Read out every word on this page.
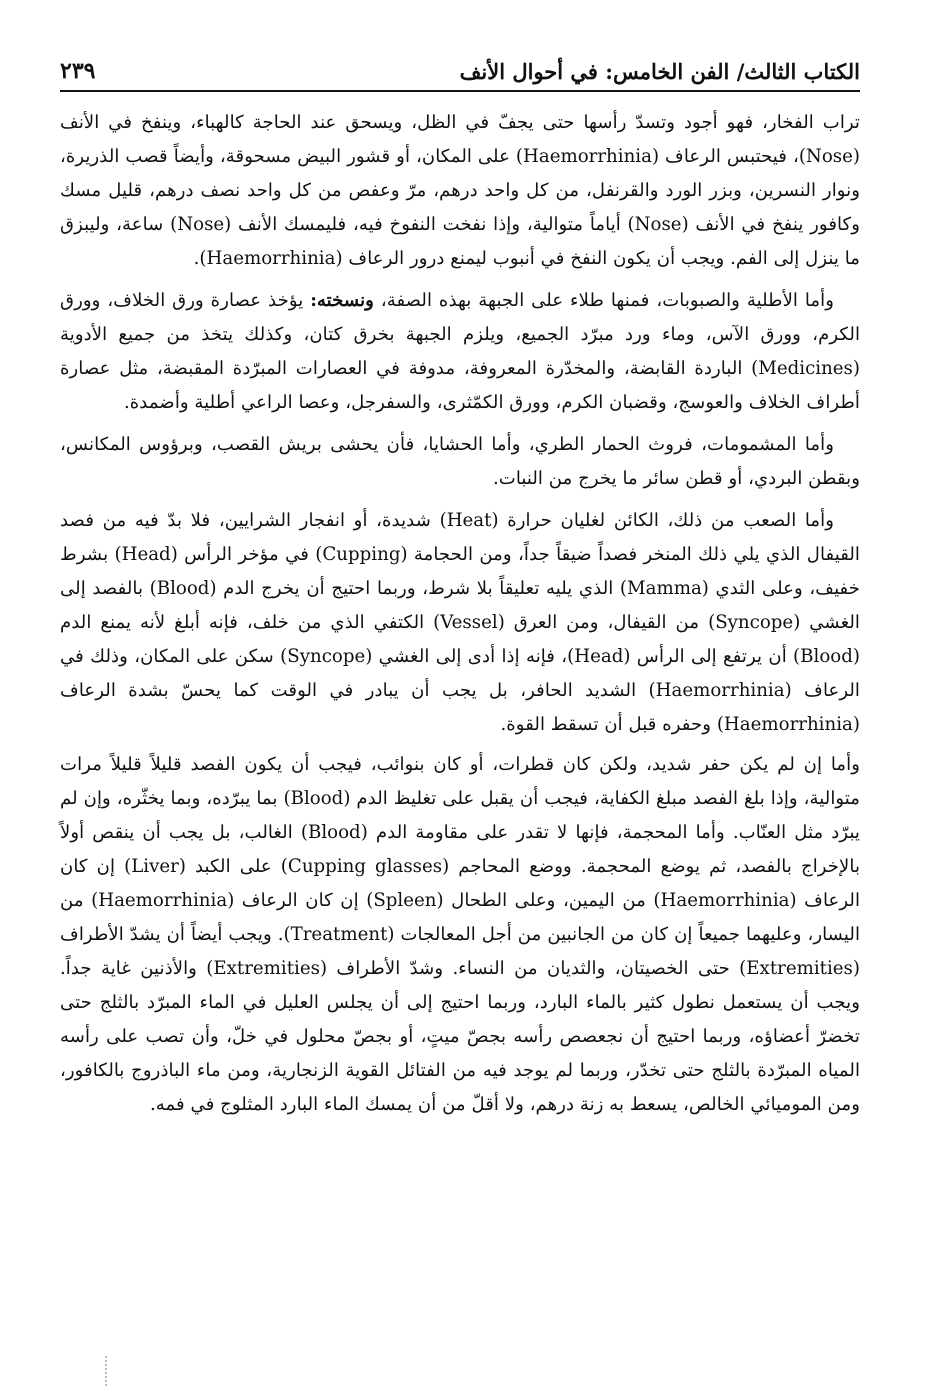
الكتاب الثالث/ الفن الخامس: في أحوال الأنف
٢٣٩

تراب الفخار، فهو أجود وتسدّ رأسها حتى يجفّ في الظل، ويسحق عند الحاجة كالهباء، وينفخ في الأنف (Nose)، فيحتبس الرعاف (Haemorrhinia) على المكان، أو قشور البيض مسحوقة، وأيضاً قصب الذريرة، ونوار النسرين، وبزر الورد والقرنفل، من كل واحد درهم، مرّ وعفص من كل واحد نصف درهم، قليل مسك وكافور ينفخ في الأنف (Nose) أياماً متوالية، وإذا نفخت النفوخ فيه، فليمسك الأنف (Nose) ساعة، وليبزق ما ينزل إلى الفم. ويجب أن يكون النفخ في أنبوب ليمنع درور الرعاف (Haemorrhinia).

وأما الأطلية والصبوبات، فمنها طلاء على الجبهة بهذه الصفة، ونسخته: يؤخذ عصارة ورق الخلاف، وورق الكرم، وورق الآس، وماء ورد مبرّد الجميع، ويلزم الجبهة بخرق كتان، وكذلك يتخذ من جميع الأدوية (Medicines) الباردة القابضة، والمخدّرة المعروفة، مدوفة في العصارات المبرّدة المقبضة، مثل عصارة أطراف الخلاف والعوسج، وقضبان الكرم، وورق الكمّثرى، والسفرجل، وعصا الراعي أطلية وأضمدة.

وأما المشمومات، فروث الحمار الطري، وأما الحشايا، فأن يحشى بريش القصب، وبرؤوس المكانس، وبقطن البردي، أو قطن سائر ما يخرج من النبات.

وأما الصعب من ذلك، الكائن لغليان حرارة (Heat) شديدة، أو انفجار الشرايين، فلا بدّ فيه من فصد القيفال الذي يلي ذلك المنخر فصداً ضيقاً جداً، ومن الحجامة (Cupping) في مؤخر الرأس (Head) بشرط خفيف، وعلى الثدي (Mamma) الذي يليه تعليقاً بلا شرط، وربما احتيج أن يخرج الدم (Blood) بالفصد إلى الغشي (Syncope) من القيفال، ومن العرق (Vessel) الكتفي الذي من خلف، فإنه أبلغ لأنه يمنع الدم (Blood) أن يرتفع إلى الرأس (Head)، فإنه إذا أدى إلى الغشي (Syncope) سكن على المكان، وذلك في الرعاف (Haemorrhinia) الشديد الحافر، بل يجب أن يبادر في الوقت كما يحسّ بشدة الرعاف (Haemorrhinia) وحفره قبل أن تسقط القوة.

وأما إن لم يكن حفر شديد، ولكن كان قطرات، أو كان بنوائب، فيجب أن يكون الفصد قليلاً قليلاً مرات متوالية، وإذا بلغ الفصد مبلغ الكفاية، فيجب أن يقبل على تغليظ الدم (Blood) بما يبرّده، وبما يخثّره، وإن لم يبرّد مثل العنّاب. وأما المحجمة، فإنها لا تقدر على مقاومة الدم (Blood) الغالب، بل يجب أن ينقص أولاً بالإخراج بالفصد، ثم يوضع المحجمة. ووضع المحاجم (Cupping glasses) على الكبد (Liver) إن كان الرعاف (Haemorrhinia) من اليمين، وعلى الطحال (Spleen) إن كان الرعاف (Haemorrhinia) من اليسار، وعليهما جميعاً إن كان من الجانبين من أجل المعالجات (Treatment). ويجب أيضاً أن يشدّ الأطراف (Extremities) حتى الخصيتان، والثديان من النساء. وشدّ الأطراف (Extremities) والأذنين غاية جداً. ويجب أن يستعمل نطول كثير بالماء البارد، وربما احتيج إلى أن يجلس العليل في الماء المبرّد بالثلج حتى تخضرّ أعضاؤه، وربما احتيج أن نجعصص رأسه بجصّ ميتٍ، أو بجصّ محلول في خلّ، وأن تصب على رأسه المياه المبرّدة بالثلج حتى تخدّر، وربما لم يوجد فيه من الفتائل القوية الزنجارية، ومن ماء الباذروج بالكافور، ومن الموميائي الخالص، يسعط به زنة درهم، ولا أقلّ من أن يمسك الماء البارد المثلوج في فمه.
